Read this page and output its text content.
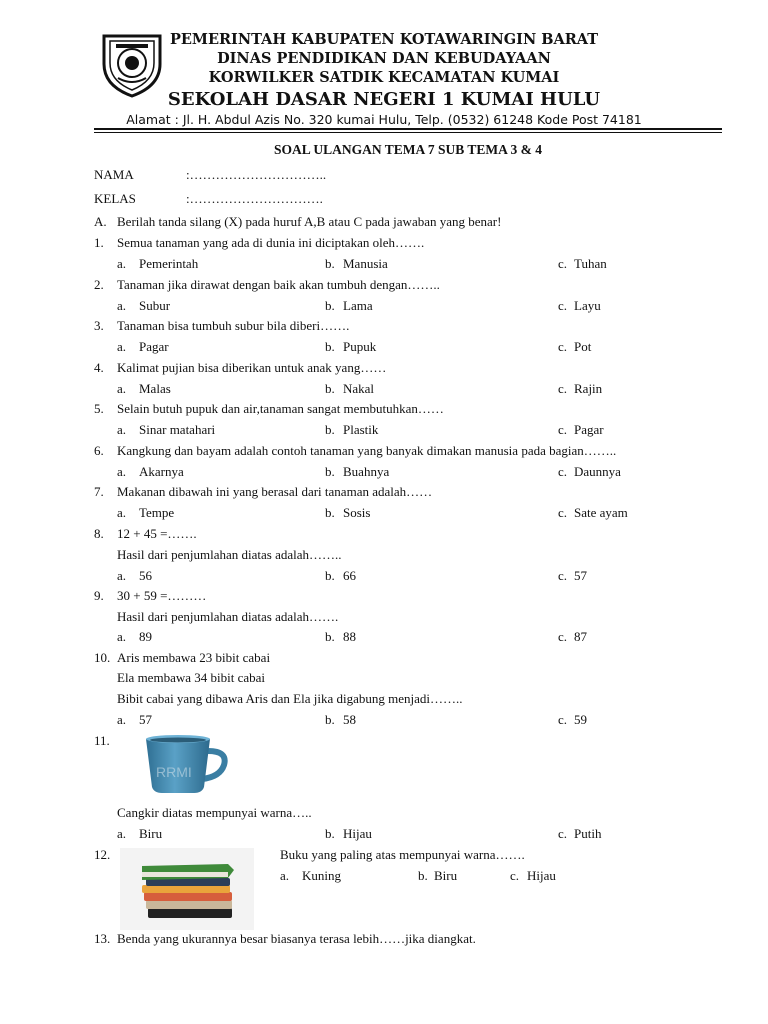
PEMERINTAH KABUPATEN KOTAWARINGIN BARAT
DINAS PENDIDIKAN DAN KEBUDAYAAN
KORWILKER SATDIK KECAMATAN KUMAI
SEKOLAH DASAR NEGERI 1 KUMAI HULU
Alamat : Jl. H. Abdul Azis No. 320 kumai Hulu, Telp. (0532) 61248 Kode Post 74181
SOAL ULANGAN TEMA 7 SUB TEMA 3 & 4
NAMA	:…………………………..
KELAS	:………………………….
A. Berilah tanda silang (X) pada huruf A,B atau C pada jawaban yang benar!
1. Semua tanaman yang ada di dunia ini diciptakan oleh…….
a. Pemerintah	b. Manusia	c. Tuhan
2. Tanaman jika dirawat dengan baik akan tumbuh dengan……..
a. Subur	b. Lama	c. Layu
3. Tanaman bisa tumbuh subur bila diberi…….
a. Pagar	b. Pupuk	c. Pot
4. Kalimat pujian bisa diberikan untuk anak yang……
a. Malas	b. Nakal	c. Rajin
5. Selain butuh pupuk dan air,tanaman sangat membutuhkan……
a. Sinar matahari	b. Plastik	c. Pagar
6. Kangkung dan bayam adalah contoh tanaman yang banyak dimakan manusia pada bagian……..
a. Akarnya	b. Buahnya	c. Daunnya
7. Makanan dibawah ini yang berasal dari tanaman adalah……
a. Tempe	b. Sosis	c. Sate ayam
8. 12 + 45 =…….
Hasil dari penjumlahan diatas adalah……..
a. 56	b. 66	c. 57
9. 30 + 59 =………
Hasil dari penjumlahan diatas adalah…….
a. 89	b. 88	c. 87
10. Aris membawa 23 bibit cabai
Ela membawa 34 bibit cabai
Bibit cabai yang dibawa Aris dan Ela jika digabung menjadi……..
a. 57	b. 58	c. 59
11.
RRMI
Cangkir diatas mempunyai warna…..
a. Biru	b. Hijau	c. Putih
12.	Buku yang paling atas mempunyai warna…….
a. Kuning	b. Biru	c. Hijau
13. Benda yang ukurannya besar biasanya terasa lebih……jika diangkat.
